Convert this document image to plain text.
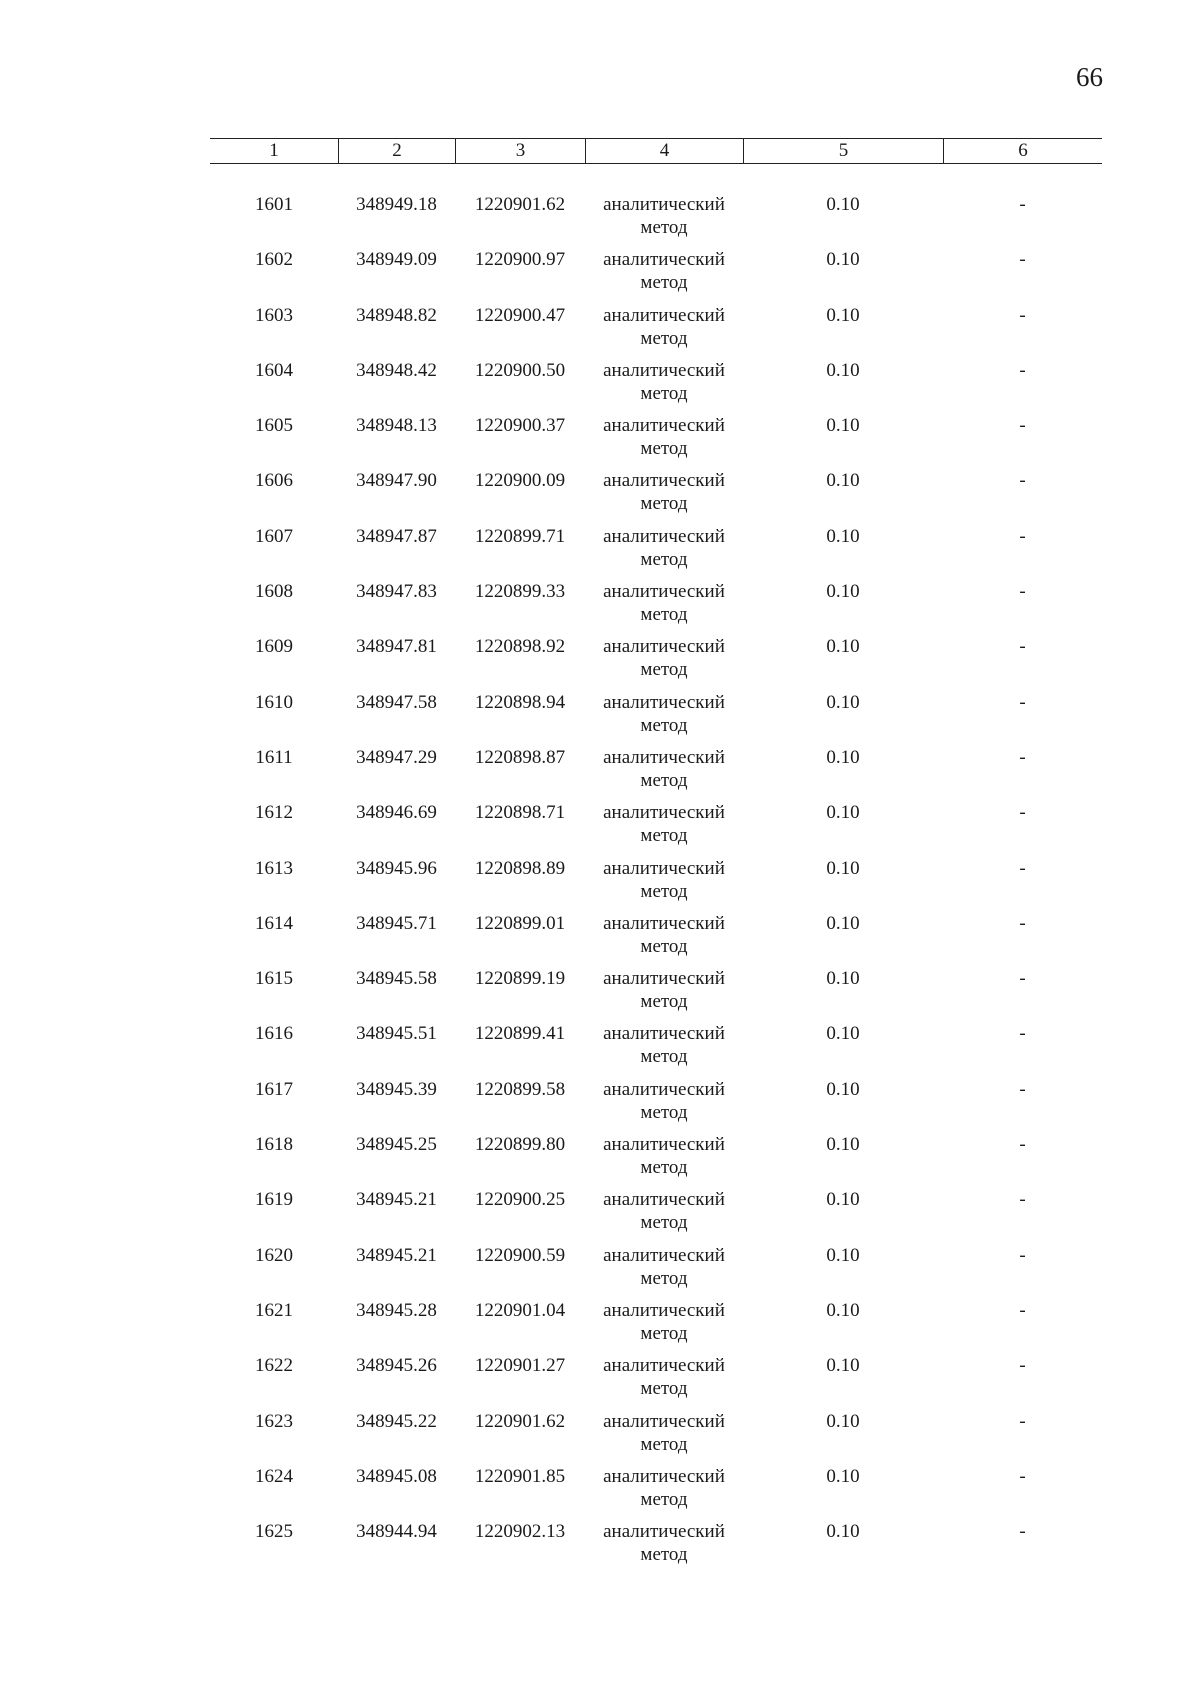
66
1	2	3	4	5	6
1601	348949.18	1220901.62	аналитический
метод
0.10	-
1602	348949.09	1220900.97	аналитический
метод
0.10	-
1603	348948.82	1220900.47	аналитический
метод
0.10	-
1604	348948.42	1220900.50	аналитический
метод
0.10	-
1605	348948.13	1220900.37	аналитический
метод
0.10	-
1606	348947.90	1220900.09	аналитический
метод
0.10	-
1607	348947.87	1220899.71	аналитический
метод
0.10	-
1608	348947.83	1220899.33	аналитический
метод
0.10	-
1609	348947.81	1220898.92	аналитический
метод
0.10	-
1610	348947.58	1220898.94	аналитический
метод
0.10	-
1611	348947.29	1220898.87	аналитический
метод
0.10	-
1612	348946.69	1220898.71	аналитический
метод
0.10	-
1613	348945.96	1220898.89	аналитический
метод
0.10	-
1614	348945.71	1220899.01	аналитический
метод
0.10	-
1615	348945.58	1220899.19	аналитический
метод
0.10	-
1616	348945.51	1220899.41	аналитический
метод
0.10	-
1617	348945.39	1220899.58	аналитический
метод
0.10	-
1618	348945.25	1220899.80	аналитический
метод
0.10	-
1619	348945.21	1220900.25	аналитический
метод
0.10	-
1620	348945.21	1220900.59	аналитический
метод
0.10	-
1621	348945.28	1220901.04	аналитический
метод
0.10	-
1622	348945.26	1220901.27	аналитический
метод
0.10	-
1623	348945.22	1220901.62	аналитический
метод
0.10	-
1624	348945.08	1220901.85	аналитический
метод
0.10	-
1625	348944.94	1220902.13	аналитический
метод
0.10	-
